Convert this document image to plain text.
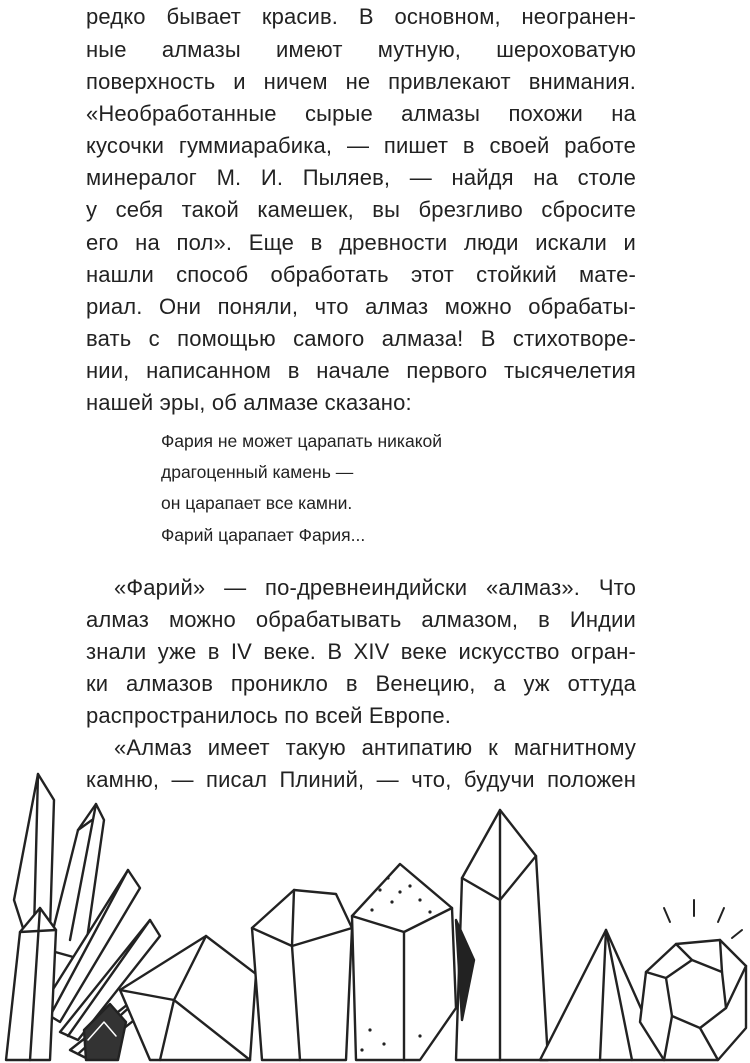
редко бывает красив. В основном, неогранен-
ные алмазы имеют мутную, шероховатую
поверхность и ничем не привлекают внимания.
«Необработанные сырые алмазы похожи на
кусочки гуммиарабика, — пишет в своей работе
минералог М. И. Пыляев, — найдя на столе
у себя такой камешек, вы брезгливо сбросите
его на пол». Еще в древности люди искали и
нашли способ обработать этот стойкий мате-
риал. Они поняли, что алмаз можно обрабаты-
вать с помощью самого алмаза! В стихотворе-
нии, написанном в начале первого тысячелетия
нашей эры, об алмазе сказано:
Фария не может царапать никакой
драгоценный камень —
он царапает все камни.
Фарий царапает Фария...
«Фарий» — по-древнеиндийски «алмаз». Что
алмаз можно обрабатывать алмазом, в Индии
знали уже в IV веке. В XIV веке искусство огран-
ки алмазов проникло в Венецию, а уж оттуда
распространилось по всей Европе.
«Алмаз имеет такую антипатию к магнитному
камню, — писал Плиний, — что, будучи положен
